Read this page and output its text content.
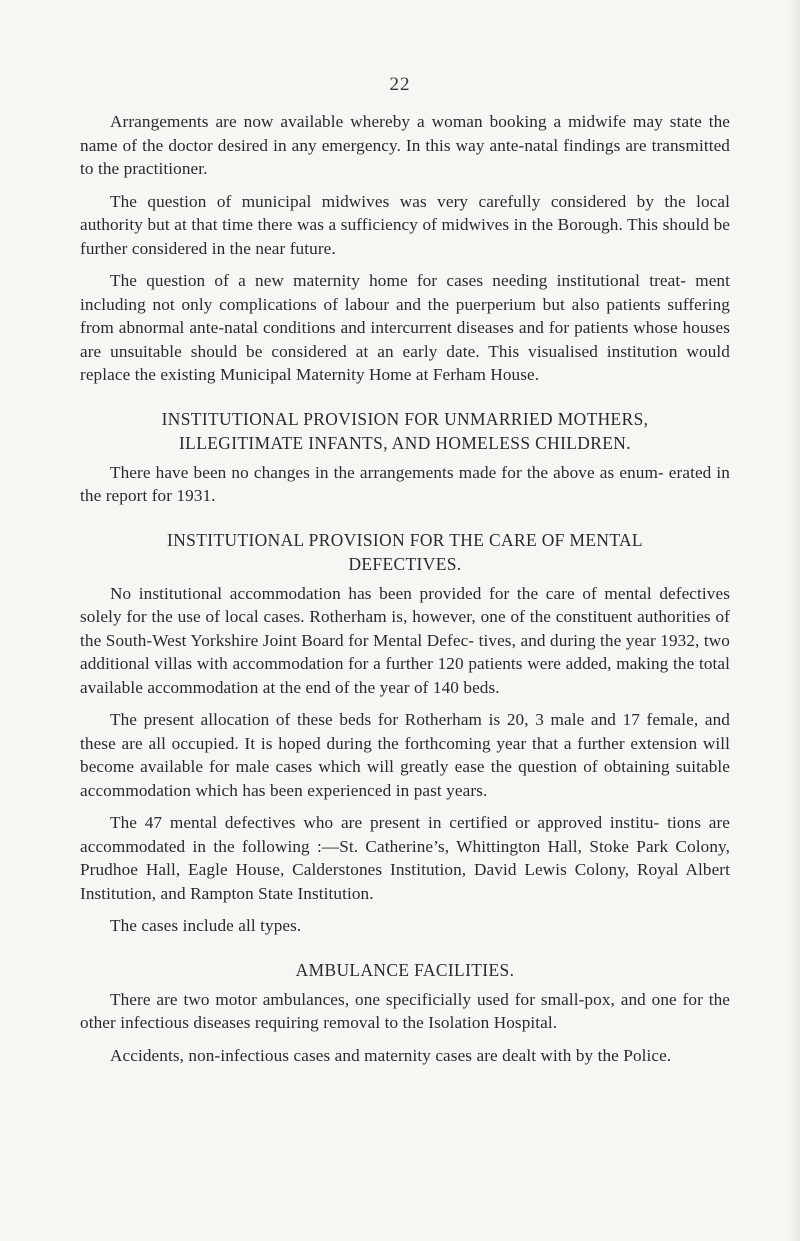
22

Arrangements are now available whereby a woman booking a midwife may state the name of the doctor desired in any emergency. In this way ante-natal findings are transmitted to the practitioner.

The question of municipal midwives was very carefully considered by the local authority but at that time there was a sufficiency of midwives in the Borough. This should be further considered in the near future.

The question of a new maternity home for cases needing institutional treat- ment including not only complications of labour and the puerperium but also patients suffering from abnormal ante-natal conditions and intercurrent diseases and for patients whose houses are unsuitable should be considered at an early date. This visualised institution would replace the existing Municipal Maternity Home at Ferham House.

INSTITUTIONAL PROVISION FOR UNMARRIED MOTHERS,
ILLEGITIMATE INFANTS, AND HOMELESS CHILDREN.

There have been no changes in the arrangements made for the above as enum- erated in the report for 1931.

INSTITUTIONAL PROVISION FOR THE CARE OF MENTAL
DEFECTIVES.

No institutional accommodation has been provided for the care of mental defectives solely for the use of local cases. Rotherham is, however, one of the constituent authorities of the South-West Yorkshire Joint Board for Mental Defec- tives, and during the year 1932, two additional villas with accommodation for a further 120 patients were added, making the total available accommodation at the end of the year of 140 beds.

The present allocation of these beds for Rotherham is 20, 3 male and 17 female, and these are all occupied. It is hoped during the forthcoming year that a further extension will become available for male cases which will greatly ease the question of obtaining suitable accommodation which has been experienced in past years.

The 47 mental defectives who are present in certified or approved institu- tions are accommodated in the following :—St. Catherine’s, Whittington Hall, Stoke Park Colony, Prudhoe Hall, Eagle House, Calderstones Institution, David Lewis Colony, Royal Albert Institution, and Rampton State Institution.

The cases include all types.

AMBULANCE FACILITIES.

There are two motor ambulances, one specificially used for small-pox, and one for the other infectious diseases requiring removal to the Isolation Hospital.

Accidents, non-infectious cases and maternity cases are dealt with by the Police.
